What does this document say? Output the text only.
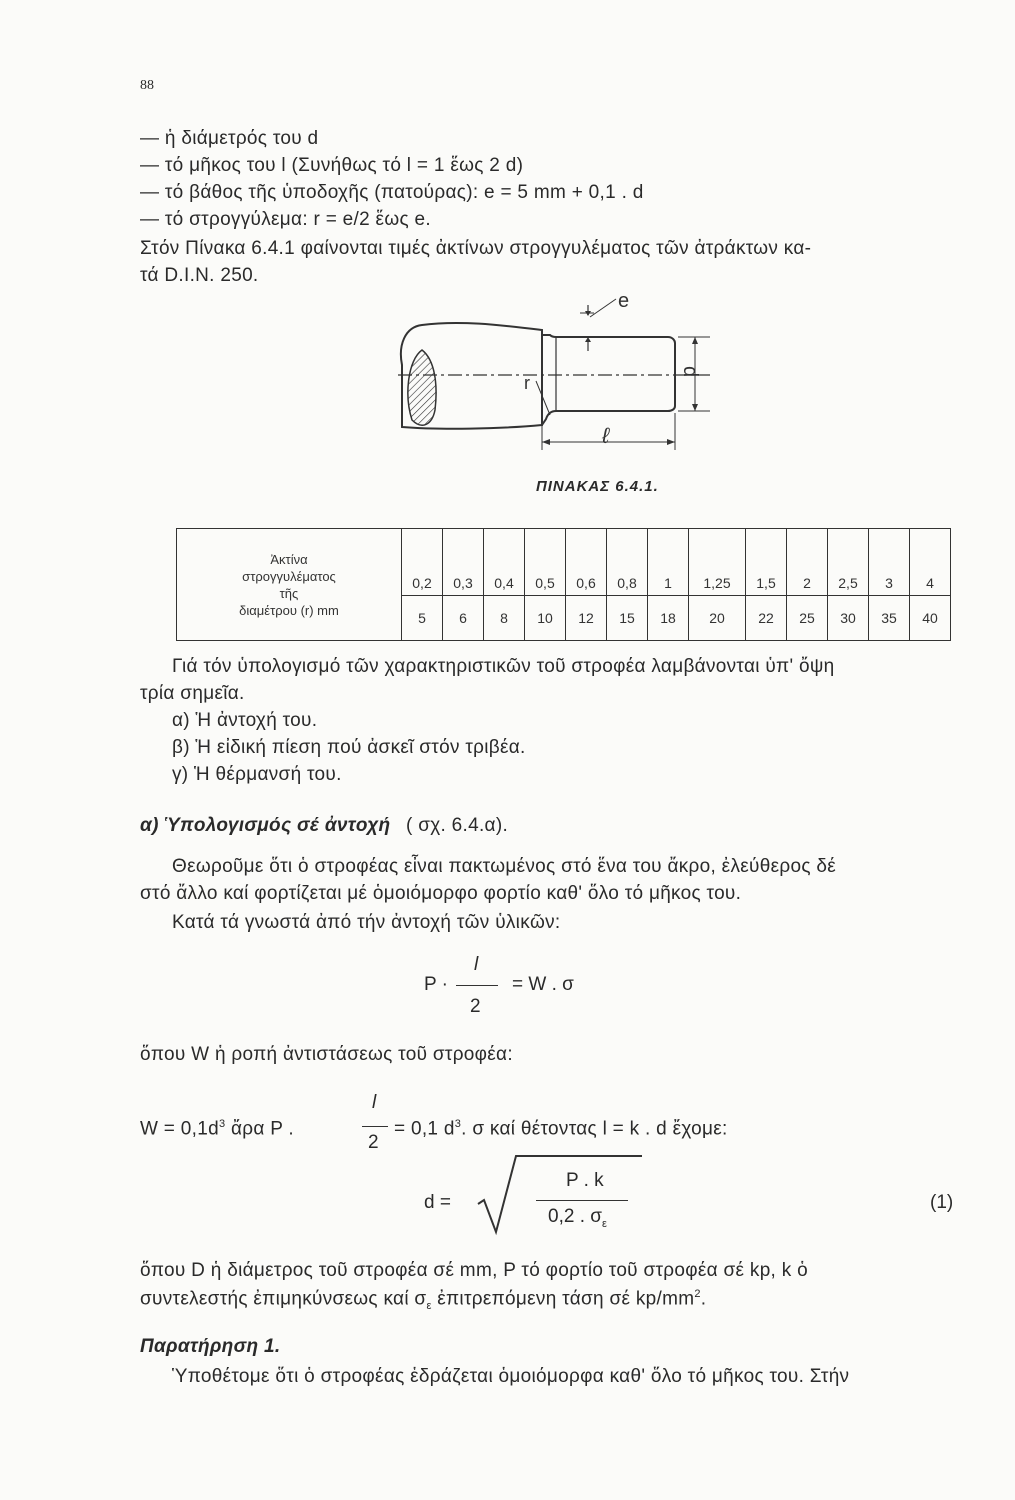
88
— ἡ διάμετρός του d
— τό μῆκος του l (Συνήθως τό l = 1 ἕως 2 d)
— τό βάθος τῆς ὑποδοχῆς (πατούρας): e = 5 mm + 0,1 . d
— τό στρογγύλεμα: r = e/2 ἕως e.
Στόν Πίνακα 6.4.1 φαίνονται τιμές ἀκτίνων στρογγυλέματος τῶν ἀτράκτων κα-
τά D.I.N. 250.
e
d
r
ℓ
ΠΙΝΑΚΑΣ 6.4.1.
Ἀκτίνα
στρογγυλέματος
τῆς
διαμέτρου (r) mm	0,2	0,3	0,4	0,5	0,6	0,8	1	1,25	1,5	2	2,5	3	4
	5	6	8	10	12	15	18	20	22	25	30	35	40
Γιά τόν ὑπολογισμό τῶν χαρακτηριστικῶν τοῦ στροφέα λαμβάνονται ὑπ' ὄψη
τρία σημεῖα.
α) Ἡ ἀντοχή του.
β) Ἡ εἰδική πίεση πού ἀσκεῖ στόν τριβέα.
γ) Ἡ θέρμανσή του.
α) Ὑπολογισμός σέ ἀντοχή ( σχ. 6.4.α).
Θεωροῦμε ὅτι ὁ στροφέας εἶναι πακτωμένος στό ἕνα του ἄκρο, ἐλεύθερος δέ
στό ἄλλο καί φορτίζεται μέ ὁμοιόμορφο φορτίο καθ' ὅλο τό μῆκος του.
Κατά τά γνωστά ἀπό τήν ἀντοχή τῶν ὑλικῶν:
P ·
l
2
= W . σ
ὅπου W ἡ ροπή ἀντιστάσεως τοῦ στροφέα:
$W = 0,1d^3$ ἄρα P .
l
2
= 0,1 $d^3$. σ καί θέτοντας l = k . d ἔχομε:
d =
P . k
0,2 . $\sigma_\varepsilon$
(1)
ὅπου D ἡ διάμετρος τοῦ στροφέα σέ mm, P τό φορτίο τοῦ στροφέα σέ kp, k ὁ
συντελεστής ἐπιμηκύνσεως καί $\sigma_\varepsilon$ ἐπιτρεπόμενη τάση σέ $kp/mm^2$.
Παρατήρηση 1.
Ὑποθέτομε ὅτι ὁ στροφέας ἑδράζεται ὁμοιόμορφα καθ' ὅλο τό μῆκος του. Στήν
